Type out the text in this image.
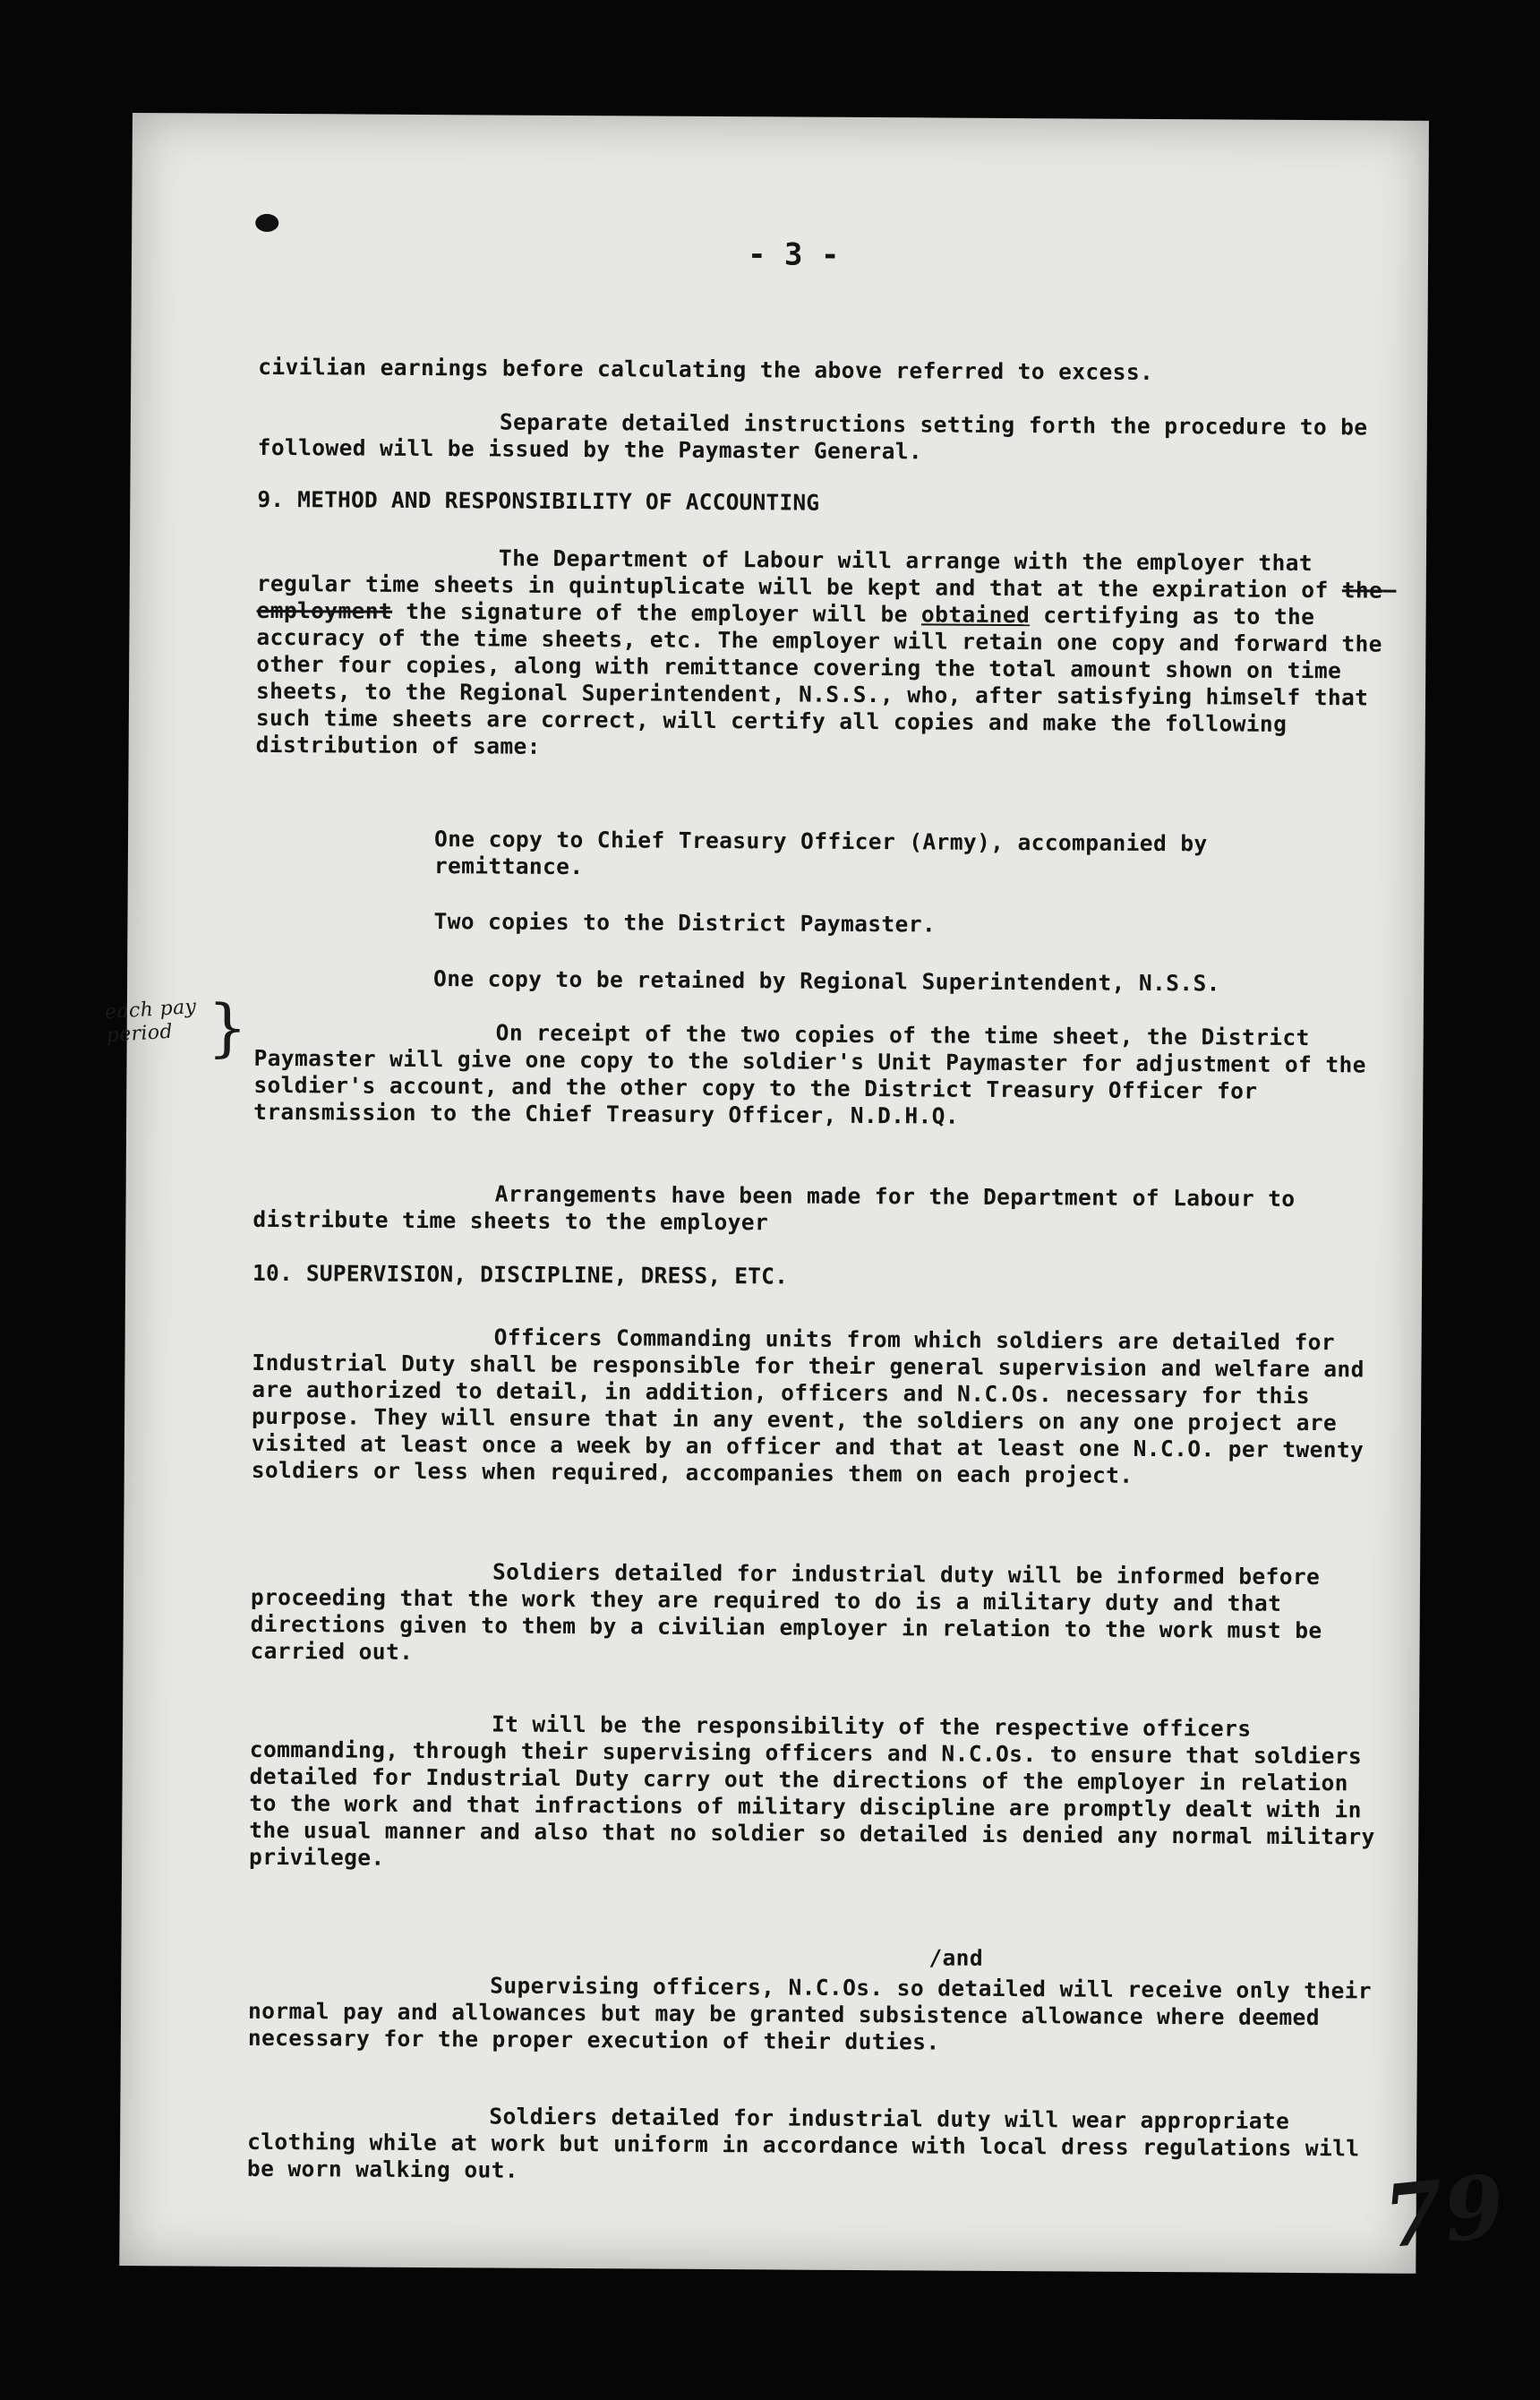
- 3 -

civilian earnings before calculating the above referred to excess.

Separate detailed instructions setting forth the procedure to be followed will be issued by the Paymaster General.

9. METHOD AND RESPONSIBILITY OF ACCOUNTING

The Department of Labour will arrange with the employer that regular time sheets in quintuplicate will be kept and that at the expiration of the employment the signature of the employer will be obtained certifying as to the accuracy of the time sheets, etc. The employer will retain one copy and forward the other four copies, along with remittance covering the total amount shown on time sheets, to the Regional Superintendent, N.S.S., who, after satisfying himself that such time sheets are correct, will certify all copies and make the following distribution of same:

each pay period }

One copy to Chief Treasury Officer (Army), accompanied by remittance.

Two copies to the District Paymaster.

One copy to be retained by Regional Superintendent, N.S.S.

On receipt of the two copies of the time sheet, the District Paymaster will give one copy to the soldier's Unit Paymaster for adjustment of the soldier's account, and the other copy to the District Treasury Officer for transmission to the Chief Treasury Officer, N.D.H.Q.

Arrangements have been made for the Department of Labour to distribute time sheets to the employer

10. SUPERVISION, DISCIPLINE, DRESS, ETC.

Officers Commanding units from which soldiers are detailed for Industrial Duty shall be responsible for their general supervision and welfare and are authorized to detail, in addition, officers and N.C.Os. necessary for this purpose. They will ensure that in any event, the soldiers on any one project are visited at least once a week by an officer and that at least one N.C.O. per twenty soldiers or less when required, accompanies them on each project.

Soldiers detailed for industrial duty will be informed before proceeding that the work they are required to do is a military duty and that directions given to them by a civilian employer in relation to the work must be carried out.

It will be the responsibility of the respective officers commanding, through their supervising officers and N.C.Os. to ensure that soldiers detailed for Industrial Duty carry out the directions of the employer in relation to the work and that infractions of military discipline are promptly dealt with in the usual manner and also that no soldier so detailed is denied any normal military privilege.

/and

Supervising officers, N.C.Os. so detailed will receive only their normal pay and allowances but may be granted subsistence allowance where deemed necessary for the proper execution of their duties.

Soldiers detailed for industrial duty will wear appropriate clothing while at work but uniform in accordance with local dress regulations will be worn walking out.	79
